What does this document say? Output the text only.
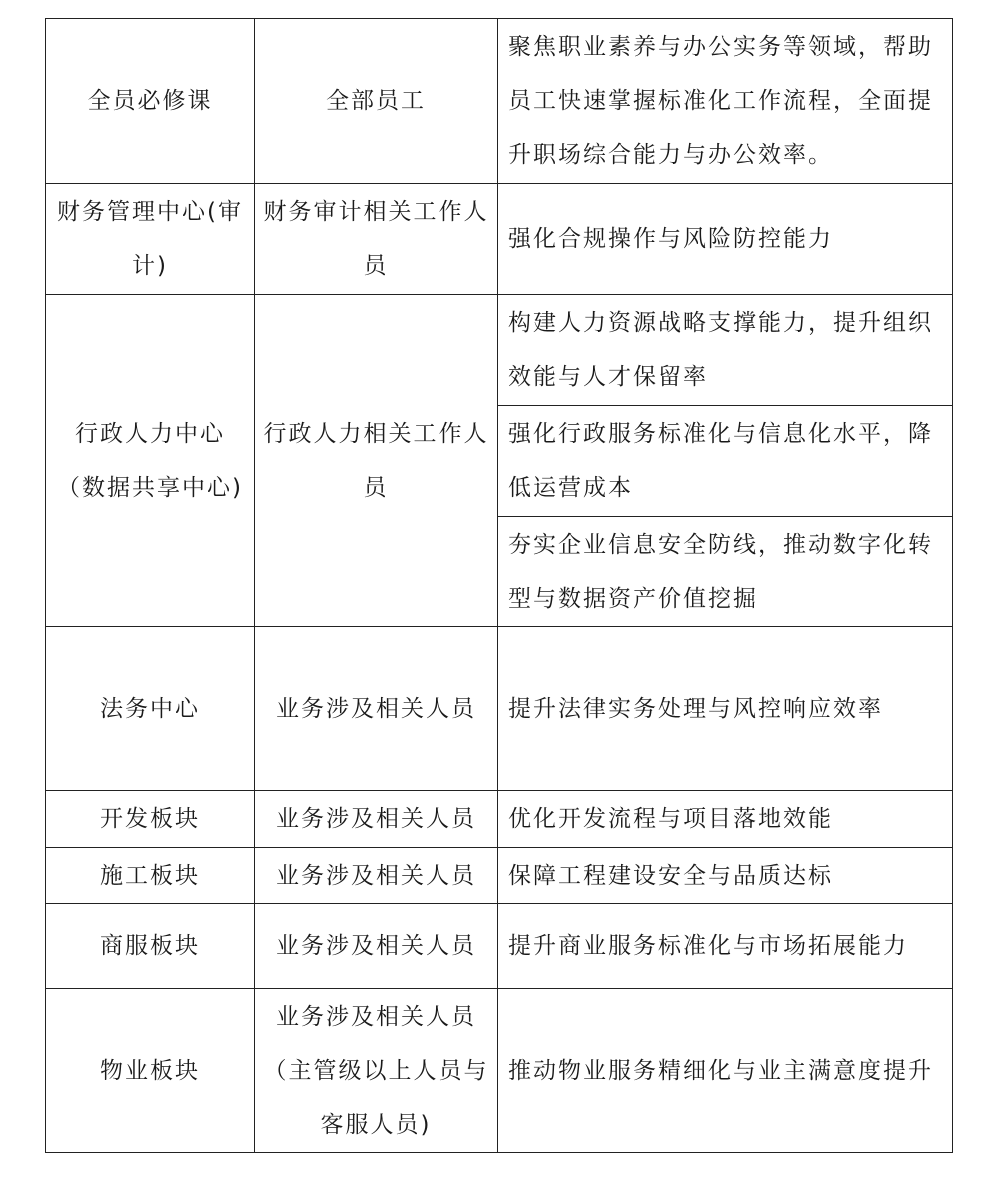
全员必修课	全部员工	聚焦职业素养与办公实务等领域，帮助员工快速掌握标准化工作流程，全面提升职场综合能力与办公效率。

财务管理中心(审计)	财务审计相关工作人员	强化合规操作与风险防控能力

行政人力中心（数据共享中心)	行政人力相关工作人员	构建人力资源战略支撑能力，提升组织效能与人才保留率

		强化行政服务标准化与信息化水平，降低运营成本

		夯实企业信息安全防线，推动数字化转型与数据资产价值挖掘

法务中心	业务涉及相关人员	提升法律实务处理与风控响应效率

开发板块	业务涉及相关人员	优化开发流程与项目落地效能

施工板块	业务涉及相关人员	保障工程建设安全与品质达标

商服板块	业务涉及相关人员	提升商业服务标准化与市场拓展能力

物业板块	业务涉及相关人员（主管级以上人员与客服人员)	推动物业服务精细化与业主满意度提升
